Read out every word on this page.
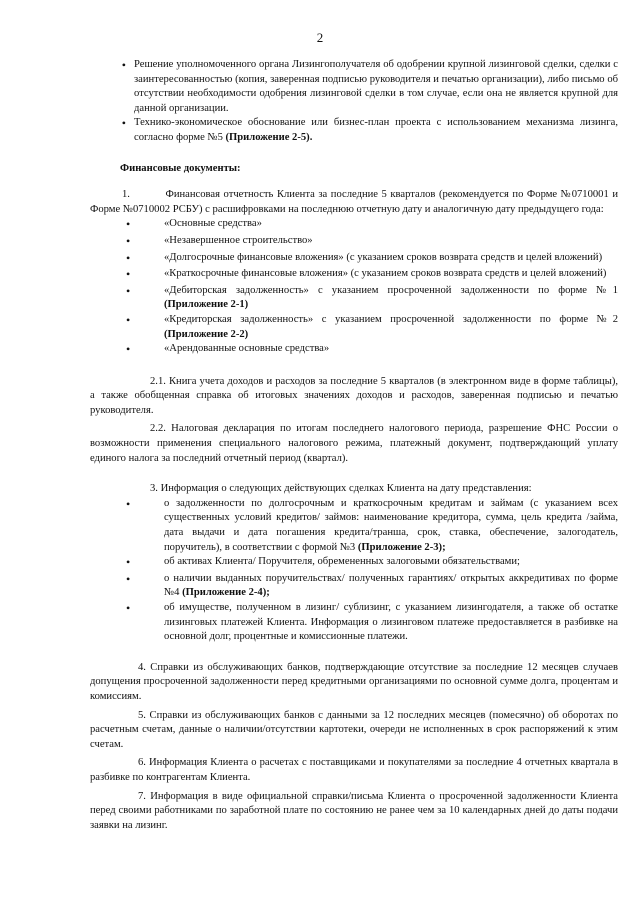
2
•
Решение уполномоченного органа Лизингополучателя об одобрении крупной лизинговой сделки, сделки с заинтересованностью (копия, заверенная подписью руководителя и печатью организации), либо письмо об отсутствии необходимости одобрения лизинговой сделки в том случае, если она не является крупной для данной организации.
•
Технико-экономическое обоснование или бизнес-план проекта с использованием механизма лизинга, согласно форме №5 (Приложение 2-5).

Финансовые документы:

1.          Финансовая отчетность Клиента за последние 5 кварталов (рекомендуется по Форме №0710001 и Форме №0710002 РСБУ) с расшифровками на последнюю отчетную дату и аналогичную дату предыдущего года:

•
«Основные средства»
•
«Незавершенное строительство»
•
«Долгосрочные финансовые вложения» (с указанием сроков возврата средств и целей вложений)
•
«Краткосрочные финансовые вложения» (с указанием сроков возврата средств и целей вложений)
•
«Дебиторская задолженность» с указанием просроченной задолженности по форме №1 (Приложение 2-1)
•
«Кредиторская задолженность» с указанием просроченной задолженности по форме №2 (Приложение 2-2)
•
«Арендованные основные средства»

2.1. Книга учета доходов и расходов за последние 5 кварталов (в электронном виде в форме таблицы), а также обобщенная справка об итоговых значениях доходов и расходов, заверенная подписью и печатью руководителя.

2.2. Налоговая декларация по итогам последнего налогового периода, разрешение ФНС России о возможности применения специального налогового режима, платежный документ, подтверждающий уплату единого налога за последний отчетный период (квартал).

3. Информация о следующих действующих сделках Клиента на дату представления:

•
о задолженности по долгосрочным и краткосрочным кредитам и займам (с указанием всех существенных условий кредитов/ займов: наименование кредитора, сумма, цель кредита /займа, дата выдачи и дата погашения кредита/транша, срок, ставка, обеспечение, залогодатель, поручитель), в соответствии с формой №3 (Приложение 2-3);
•
об активах Клиента/ Поручителя, обремененных залоговыми обязательствами;
•
о наличии выданных поручительствах/ полученных гарантиях/ открытых аккредитивах по форме №4 (Приложение 2-4);
•
об имуществе, полученном в лизинг/ сублизинг, с указанием лизингодателя, а также об остатке лизинговых платежей Клиента. Информация о лизинговом платеже предоставляется в разбивке на основной долг, процентные и комиссионные платежи.

4. Справки из обслуживающих банков, подтверждающие отсутствие за последние 12 месяцев случаев допущения просроченной задолженности перед кредитными организациями по основной сумме долга, процентам и комиссиям.

5. Справки из обслуживающих банков с данными за 12 последних месяцев (помесячно) об оборотах по расчетным счетам, данные о наличии/отсутствии картотеки, очереди не исполненных в срок распоряжений к этим счетам.

6. Информация Клиента о расчетах с поставщиками и покупателями за последние 4 отчетных квартала в разбивке по контрагентам Клиента.

7. Информация в виде официальной справки/письма Клиента о просроченной задолженности Клиента перед своими работниками по заработной плате по состоянию не ранее чем за 10 календарных дней до даты подачи заявки на лизинг.
